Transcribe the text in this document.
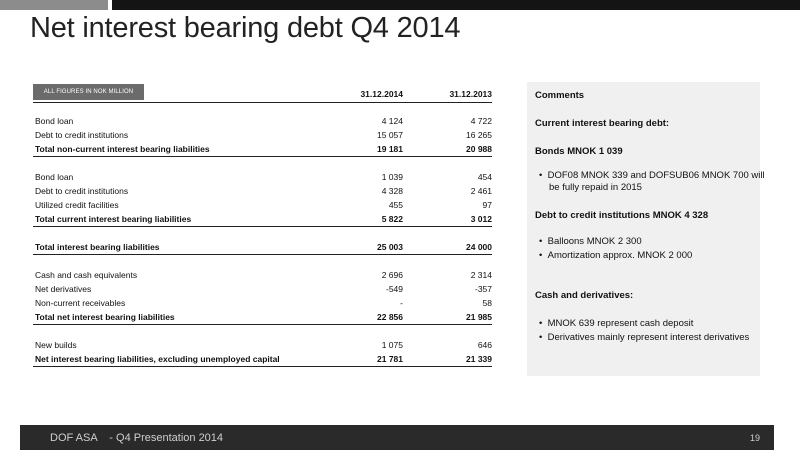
Net interest bearing debt Q4 2014
ALL FIGURES IN NOK MILLION	31.12.2014	31.12.2013
Bond loan	4 124	4 722
Debt to credit institutions	15 057	16 265
Total non-current interest bearing liabilities	19 181	20 988
Bond loan	1 039	454
Debt to credit institutions	4 328	2 461
Utilized credit facilities	455	97
Total current interest bearing liabilities	5 822	3 012
Total interest bearing liabilities	25 003	24 000
Cash and cash equivalents	2 696	2 314
Net derivatives	-549	-357
Non-current receivables	-	58
Total net interest bearing liabilities	22 856	21 985
New builds	1 075	646
Net interest bearing liabilities, excluding unemployed capital	21 781	21 339
Comments
Current interest bearing debt:
Bonds MNOK 1 039
•  DOF08 MNOK 339 and DOFSUB06 MNOK 700 will be fully repaid in 2015
Debt to credit institutions MNOK 4 328
•  Balloons MNOK 2 300
•  Amortization approx. MNOK 2 000
Cash and derivatives:
•  MNOK 639 represent cash deposit
•  Derivatives mainly represent interest derivatives
DOF ASA    - Q4 Presentation 2014	19
